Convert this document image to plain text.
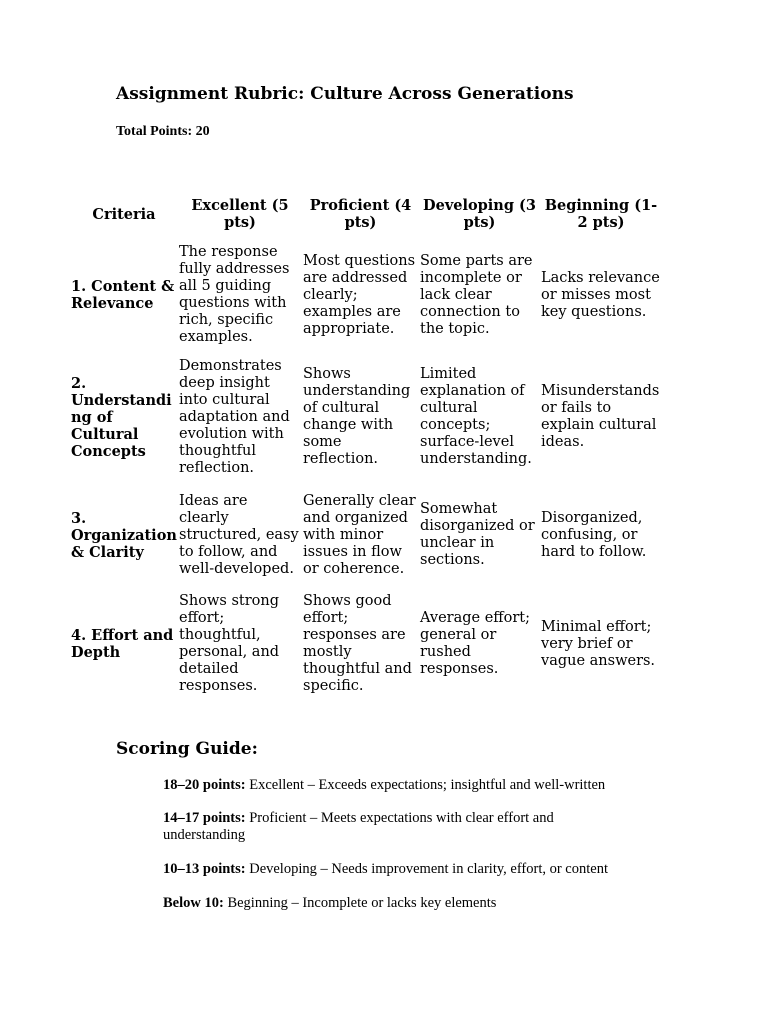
Assignment Rubric: Culture Across Generations
Total Points: 20
Criteria	Excellent (5 pts)	Proficient (4 pts)	Developing (3 pts)	Beginning (1-2 pts)
1. Content & Relevance	The response fully addresses all 5 guiding questions with rich, specific examples.	Most questions are addressed clearly; examples are appropriate.	Some parts are incomplete or lack clear connection to the topic.	Lacks relevance or misses most key questions.
2. Understanding of Cultural Concepts	Demonstrates deep insight into cultural adaptation and evolution with thoughtful reflection.	Shows understanding of cultural change with some reflection.	Limited explanation of cultural concepts; surface-level understanding.	Misunderstands or fails to explain cultural ideas.
3. Organization & Clarity	Ideas are clearly structured, easy to follow, and well-developed.	Generally clear and organized with minor issues in flow or coherence.	Somewhat disorganized or unclear in sections.	Disorganized, confusing, or hard to follow.
4. Effort and Depth	Shows strong effort; thoughtful, personal, and detailed responses.	Shows good effort; responses are mostly thoughtful and specific.	Average effort; general or rushed responses.	Minimal effort; very brief or vague answers.
Scoring Guide:
18–20 points: Excellent – Exceeds expectations; insightful and well-written
14–17 points: Proficient – Meets expectations with clear effort and understanding
10–13 points: Developing – Needs improvement in clarity, effort, or content
Below 10: Beginning – Incomplete or lacks key elements
